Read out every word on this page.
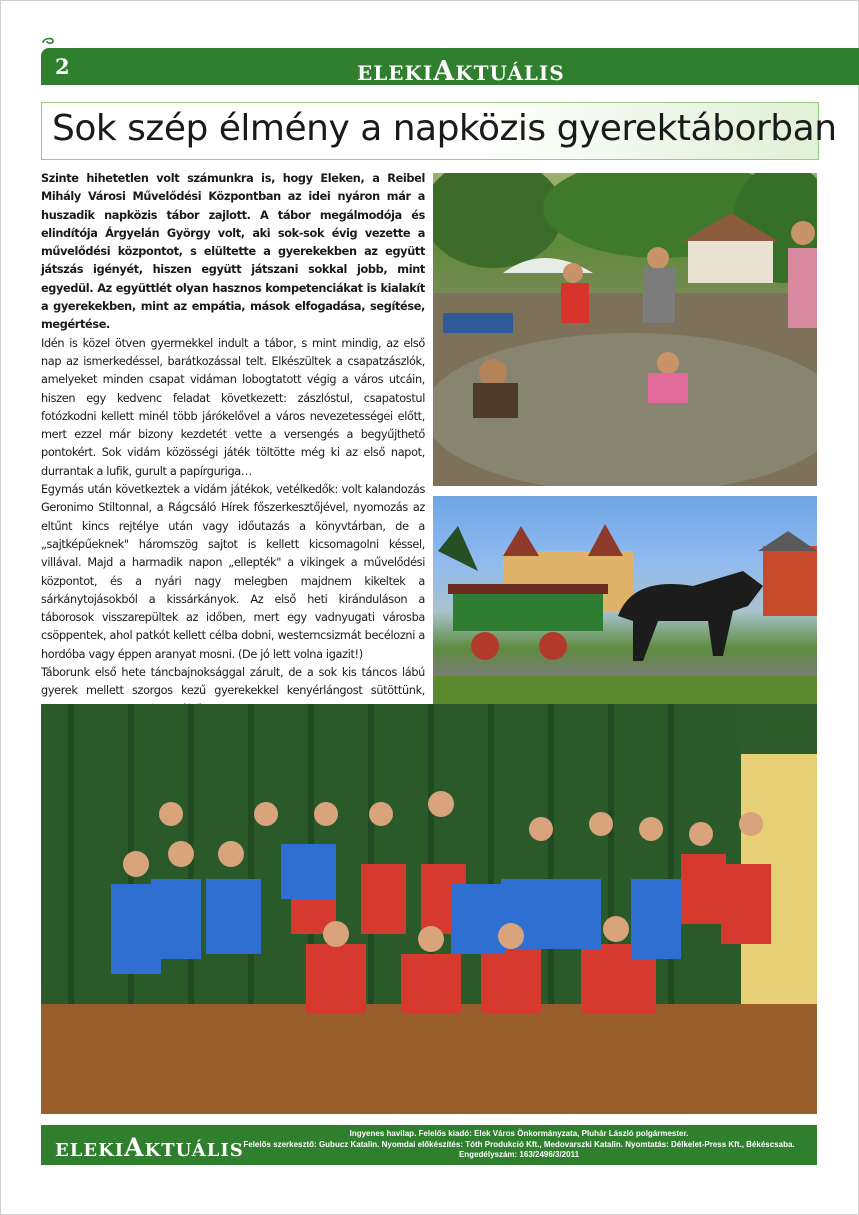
2	ELEKIAKTUÁLIS
Sok szép élmény a napközis gyerektáborban

Szinte hihetetlen volt számunkra is, hogy Eleken, a Reibel Mihály Városi Művelődési Központban az idei nyáron már a huszadik napközis tábor zajlott. A tábor megálmodója és elindítója Árgyelán György volt, aki sok-sok évig vezette a művelődési központot, s elültette a gyerekekben az együtt játszás igényét, hiszen együtt játszani sokkal jobb, mint egyedül. Az együttlét olyan hasznos kompetenciákat is kialakít a gyerekekben, mint az empátia, mások elfogadása, segítése, megértése.

Idén is közel ötven gyermekkel indult a tábor, s mint mindig, az első nap az ismerkedéssel, barátkozással telt. Elkészültek a csapatzászlók, amelyeket minden csapat vidáman lobogtatott végig a város utcáin, hiszen egy kedvenc feladat következett: zászlóstul, csapatostul fotózkodni kellett minél több járókelővel a város nevezetességei előtt, mert ezzel már bizony kezdetét vette a versengés a begyűjthető pontokért. Sok vidám közösségi játék töltötte még ki az első napot, durrantak a lufik, gurult a papírguriga…

Egymás után következtek a vidám játékok, vetélkedők: volt kalandozás Geronimo Stiltonnal, a Rágcsáló Hírek főszerkesztőjével, nyomozás az eltűnt kincs rejtélye után vagy időutazás a könyvtárban, de a „sajtképűeknek" háromszög sajtot is kellett kicsomagolni késsel, villával. Majd a harmadik napon „ellepték" a vikingek a művelődési központot, és a nyári nagy melegben majdnem kikeltek a sárkánytojásokból a kissárkányok. Az első heti kiránduláson a táborosok visszarepültek az időben, mert egy vadnyugati városba csöppentek, ahol patkót kellett célba dobni, westerncsizmát becélozni a hordóba vagy éppen aranyat mosni. (De jó lett volna igazit!)

Táborunk első hete táncbajnoksággal zárult, de a sok kis táncos lábú gyerek mellett szorgos kezű gyerekekkel kenyérlángost sütöttünk,

ELEKIAKTUÁLIS
Ingyenes havilap. Felelős kiadó: Elek Város Önkormányzata, Pluhár László polgármester.
Felelős szerkesztő: Gubucz Katalin. Nyomdai előkészítés: Tóth Produkció Kft., Medovarszki Katalin. Nyomtatás: Délkelet-Press Kft., Békéscsaba.
Engedélyszám: 163/2496/3/2011
